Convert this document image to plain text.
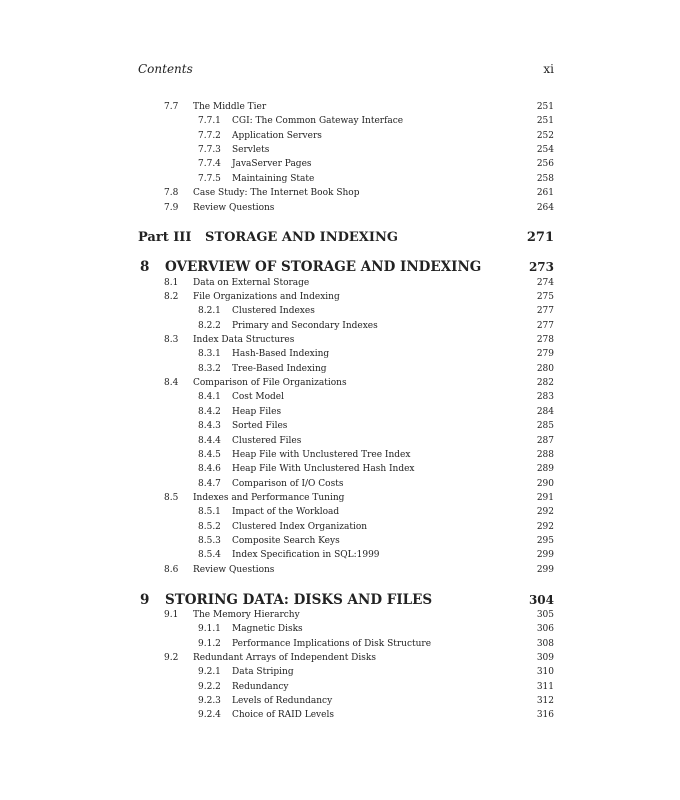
Contents	xi
7.7 The Middle Tier	251
7.7.1 CGI: The Common Gateway Interface	251
7.7.2 Application Servers	252
7.7.3 Servlets	254
7.7.4 JavaServer Pages	256
7.7.5 Maintaining State	258
7.8 Case Study: The Internet Book Shop	261
7.9 Review Questions	264
Part III   STORAGE AND INDEXING	271
8 OVERVIEW OF STORAGE AND INDEXING	273
8.1 Data on External Storage	274
8.2 File Organizations and Indexing	275
8.2.1 Clustered Indexes	277
8.2.2 Primary and Secondary Indexes	277
8.3 Index Data Structures	278
8.3.1 Hash-Based Indexing	279
8.3.2 Tree-Based Indexing	280
8.4 Comparison of File Organizations	282
8.4.1 Cost Model	283
8.4.2 Heap Files	284
8.4.3 Sorted Files	285
8.4.4 Clustered Files	287
8.4.5 Heap File with Unclustered Tree Index	288
8.4.6 Heap File With Unclustered Hash Index	289
8.4.7 Comparison of I/O Costs	290
8.5 Indexes and Performance Tuning	291
8.5.1 Impact of the Workload	292
8.5.2 Clustered Index Organization	292
8.5.3 Composite Search Keys	295
8.5.4 Index Specification in SQL:1999	299
8.6 Review Questions	299
9 STORING DATA: DISKS AND FILES	304
9.1 The Memory Hierarchy	305
9.1.1 Magnetic Disks	306
9.1.2 Performance Implications of Disk Structure	308
9.2 Redundant Arrays of Independent Disks	309
9.2.1 Data Striping	310
9.2.2 Redundancy	311
9.2.3 Levels of Redundancy	312
9.2.4 Choice of RAID Levels	316
